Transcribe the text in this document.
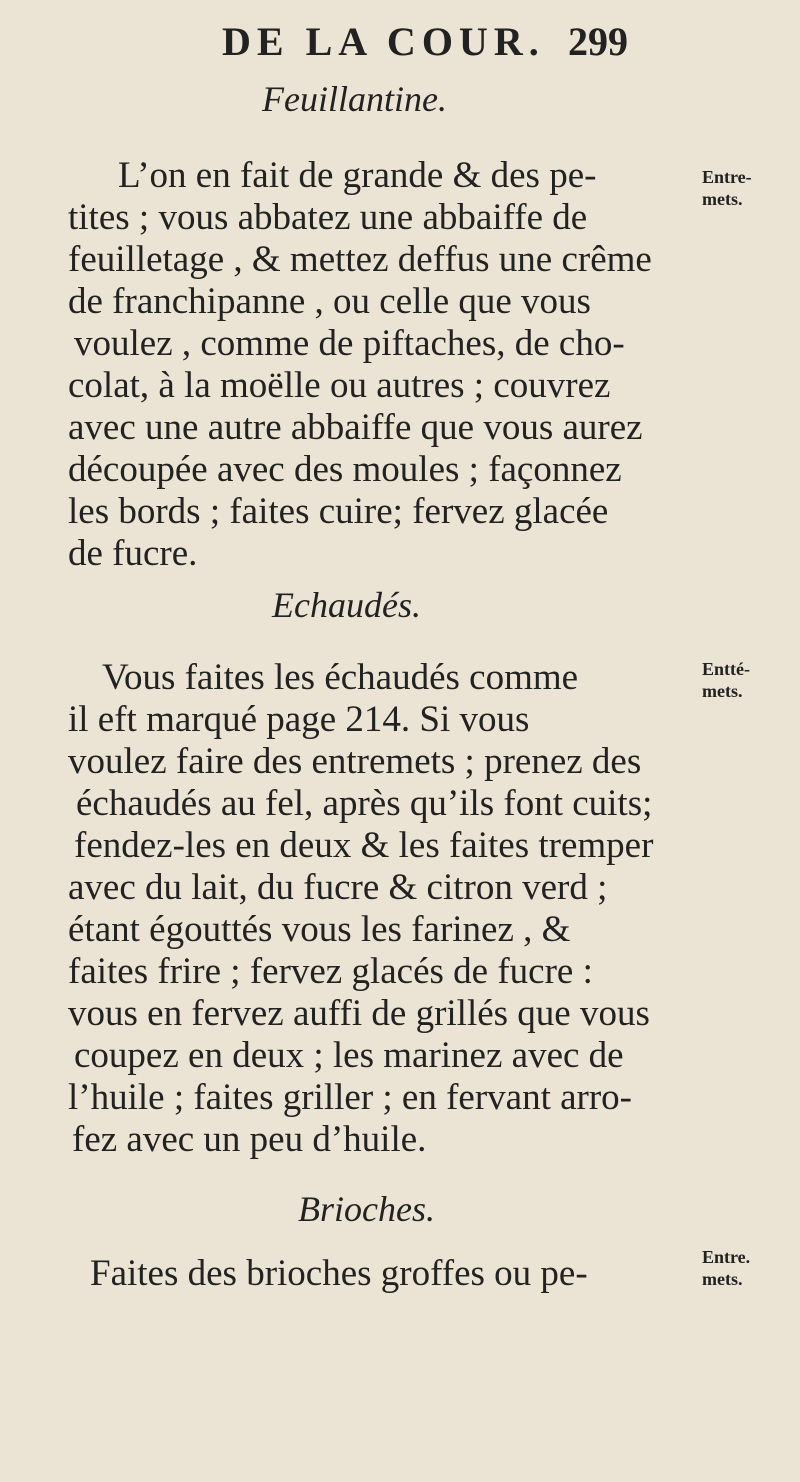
DE LA COUR. 299
Feuillantine.
Entre-
mets.
L’on en fait de grande & des pe-
tites ; vous abbatez une abbaiffe de
feuilletage , & mettez deffus une crême
de franchipanne , ou celle que vous
voulez , comme de piftaches, de cho-
colat, à la moëlle ou autres ; couvrez
avec une autre abbaiffe que vous aurez
découpée avec des moules ; façonnez
les bords ; faites cuire; fervez glacée
de fucre.
Echaudés.
Entté-
mets.
Vous faites les échaudés comme
il eft marqué page 214. Si vous
voulez faire des entremets ; prenez des
échaudés au fel, après qu’ils font cuits;
fendez-les en deux & les faites tremper
avec du lait, du fucre & citron verd ;
étant égouttés vous les farinez , &
faites frire ; fervez glacés de fucre :
vous en fervez auffi de grillés que vous
coupez en deux ; les marinez avec de
l’huile ; faites griller ; en fervant arro-
fez avec un peu d’huile.
Brioches.
Entre.
mets.
Faites des brioches groffes ou pe-
